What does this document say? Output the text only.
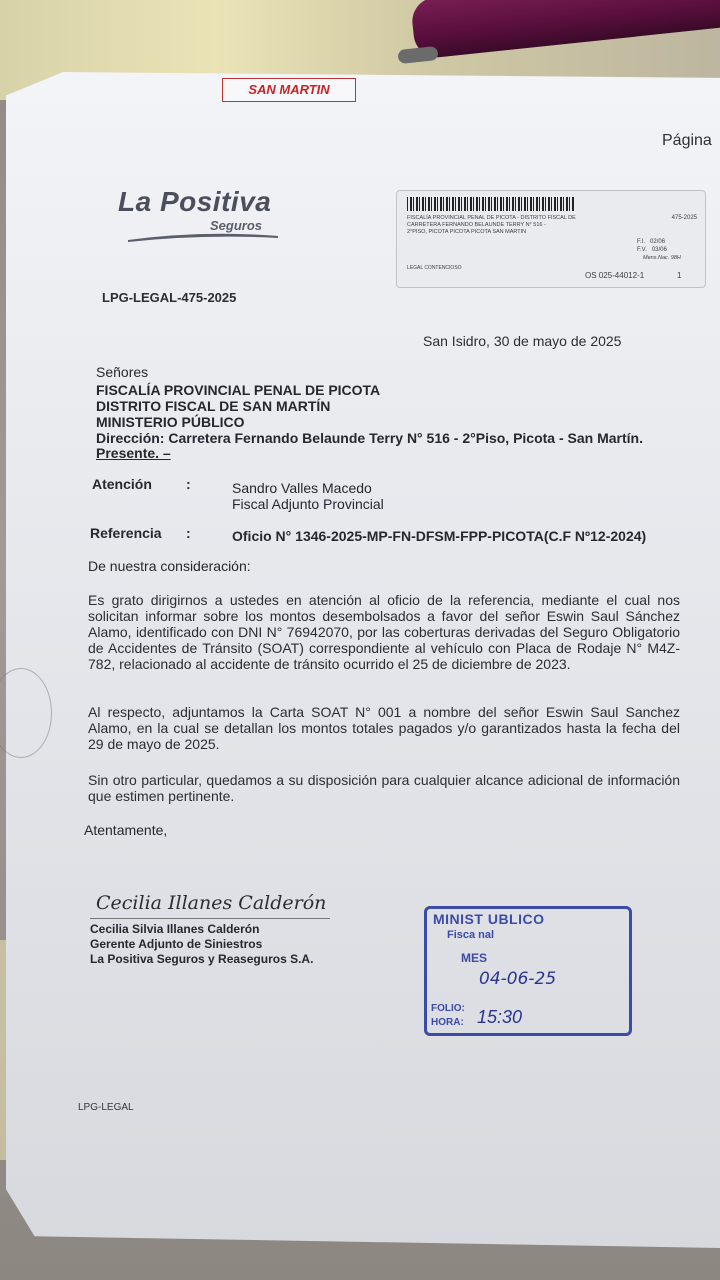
Página
SAN MARTIN
La Positiva
Seguros	475-2025
FISCALÍA PROVINCIAL PENAL DE PICOTA - DISTRITO FISCAL DE
CARRETERA FERNANDO BELAUNDE TERRY N° 516 -
2°PISO, PICOTA PICOTA PICOTA SAN MARTIN
F.I. 02/06
F.V. 03/06
Mens.Nac. 98H
LEGAL CONTENCIOSO
OS 025-44012-1	1
LPG-LEGAL-475-2025
San Isidro, 30 de mayo de 2025
Señores
FISCALÍA PROVINCIAL PENAL DE PICOTA
DISTRITO FISCAL DE SAN MARTÍN
MINISTERIO PÚBLICO
Dirección: Carretera Fernando Belaunde Terry N° 516 - 2°Piso, Picota - San Martín.
Presente. –
Atención :	Sandro Valles Macedo
Fiscal Adjunto Provincial
Referencia :	Oficio N° 1346-2025-MP-FN-DFSM-FPP-PICOTA(C.F Nº12-2024)
De nuestra consideración:
Es grato dirigirnos a ustedes en atención al oficio de la referencia, mediante el cual nos solicitan informar sobre los montos desembolsados a favor del señor Eswin Saul Sánchez Alamo, identificado con DNI N° 76942070, por las coberturas derivadas del Seguro Obligatorio de Accidentes de Tránsito (SOAT) correspondiente al vehículo con Placa de Rodaje N° M4Z-782, relacionado al accidente de tránsito ocurrido el 25 de diciembre de 2023.
Al respecto, adjuntamos la Carta SOAT N° 001 a nombre del señor Eswin Saul Sanchez Alamo, en la cual se detallan los montos totales pagados y/o garantizados hasta la fecha del 29 de mayo de 2025.
Sin otro particular, quedamos a su disposición para cualquier alcance adicional de información que estimen pertinente.
Atentamente,
Cecilia Illanes Calderón
Cecilia Silvia Illanes Calderón
Gerente Adjunto de Siniestros
La Positiva Seguros y Reaseguros S.A.
MINIST UBLICO
Fisca nal
MES
04-06-25
FOLIO:
HORA: 15:30
LPG-LEGAL
